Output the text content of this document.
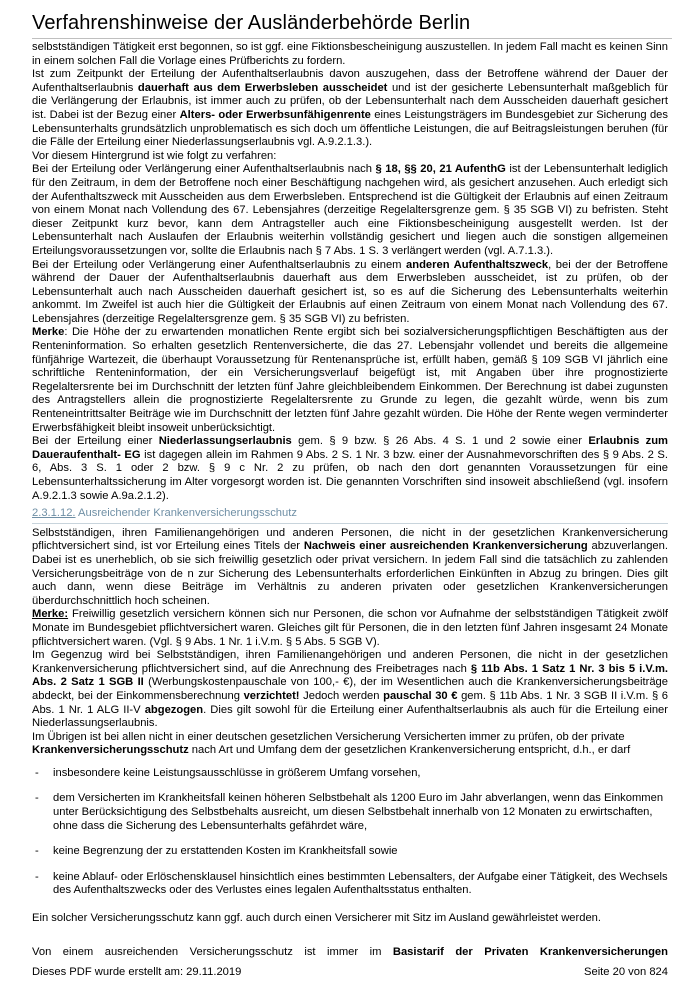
Verfahrenshinweise der Ausländerbehörde Berlin

selbstständigen Tätigkeit erst begonnen, so ist ggf. eine Fiktionsbescheinigung auszustellen. In jedem Fall macht es keinen Sinn in einem solchen Fall die Vorlage eines Prüfberichts zu fordern.

Ist zum Zeitpunkt der Erteilung der Aufenthaltserlaubnis davon auszugehen, dass der Betroffene während der Dauer der Aufenthaltserlaubnis dauerhaft aus dem Erwerbsleben ausscheidet und ist der gesicherte Lebensunterhalt maßgeblich für die Verlängerung der Erlaubnis, ist immer auch zu prüfen, ob der Lebensunterhalt nach dem Ausscheiden dauerhaft gesichert ist. Dabei ist der Bezug einer Alters- oder Erwerbsunfähigenrente eines Leistungsträgers im Bundesgebiet zur Sicherung des Lebensunterhalts grundsätzlich unproblematisch es sich doch um öffentliche Leistungen, die auf Beitragsleistungen beruhen (für die Fälle der Erteilung einer Niederlassungserlaubnis vgl. A.9.2.1.3.).

Vor diesem Hintergrund ist wie folgt zu verfahren:

Bei der Erteilung oder Verlängerung einer Aufenthaltserlaubnis nach § 18, §§ 20, 21 AufenthG ist der Lebensunterhalt lediglich für den Zeitraum, in dem der Betroffene noch einer Beschäftigung nachgehen wird, als gesichert anzusehen. Auch erledigt sich der Aufenthaltszweck mit Ausscheiden aus dem Erwerbsleben. Entsprechend ist die Gültigkeit der Erlaubnis auf einen Zeitraum von einem Monat nach Vollendung des 67. Lebensjahres (derzeitige Regelaltersgrenze gem. § 35 SGB VI) zu befristen. Steht dieser Zeitpunkt kurz bevor, kann dem Antragsteller auch eine Fiktionsbescheinigung ausgestellt werden. Ist der Lebensunterhalt nach Auslaufen der Erlaubnis weiterhin vollständig gesichert und liegen auch die sonstigen allgemeinen Erteilungsvoraussetzungen vor, sollte die Erlaubnis nach § 7 Abs. 1 S. 3 verlängert werden (vgl. A.7.1.3.).

Bei der Erteilung oder Verlängerung einer Aufenthaltserlaubnis zu einem anderen Aufenthaltszweck, bei der der Betroffene während der Dauer der Aufenthaltserlaubnis dauerhaft aus dem Erwerbsleben ausscheidet, ist zu prüfen, ob der Lebensunterhalt auch nach Ausscheiden dauerhaft gesichert ist, so es auf die Sicherung des Lebensunterhalts weiterhin ankommt. Im Zweifel ist auch hier die Gültigkeit der Erlaubnis auf einen Zeitraum von einem Monat nach Vollendung des 67. Lebensjahres (derzeitige Regelaltersgrenze gem. § 35 SGB VI) zu befristen.

Merke: Die Höhe der zu erwartenden monatlichen Rente ergibt sich bei sozialversicherungspflichtigen Beschäftigten aus der Renteninformation. So erhalten gesetzlich Rentenversicherte, die das 27. Lebensjahr vollendet und bereits die allgemeine fünfjährige Wartezeit, die überhaupt Voraussetzung für Rentenansprüche ist, erfüllt haben, gemäß § 109 SGB VI jährlich eine schriftliche Renteninformation, der ein Versicherungsverlauf beigefügt ist, mit Angaben über ihre prognostizierte Regelaltersrente bei im Durchschnitt der letzten fünf Jahre gleichbleibendem Einkommen. Der Berechnung ist dabei zugunsten des Antragstellers allein die prognostizierte Regelaltersrente zu Grunde zu legen, die gezahlt würde, wenn bis zum Renteneintrittsalter Beiträge wie im Durchschnitt der letzten fünf Jahre gezahlt würden. Die Höhe der Rente wegen verminderter Erwerbsfähigkeit bleibt insoweit unberücksichtigt.

Bei der Erteilung einer Niederlassungserlaubnis gem. § 9 bzw. § 26 Abs. 4 S. 1 und 2 sowie einer Erlaubnis zum Daueraufenthalt- EG ist dagegen allein im Rahmen 9 Abs. 2 S. 1 Nr. 3 bzw. einer der Ausnahmevorschriften des § 9 Abs. 2 S. 6, Abs. 3 S. 1 oder 2 bzw. § 9 c Nr. 2 zu prüfen, ob nach den dort genannten Voraussetzungen für eine Lebensunterhaltssicherung im Alter vorgesorgt worden ist. Die genannten Vorschriften sind insoweit abschließend (vgl. insofern A.9.2.1.3 sowie A.9a.2.1.2).

2.3.1.12. Ausreichender Krankenversicherungsschutz

Selbstständigen, ihren Familienangehörigen und anderen Personen, die nicht in der gesetzlichen Krankenversicherung pflichtversichert sind, ist vor Erteilung eines Titels der Nachweis einer ausreichenden Krankenversicherung abzuverlangen. Dabei ist es unerheblich, ob sie sich freiwillig gesetzlich oder privat versichern. In jedem Fall sind die tatsächlich zu zahlenden Versicherungsbeiträge von de n zur Sicherung des Lebensunterhalts erforderlichen Einkünften in Abzug zu bringen. Dies gilt auch dann, wenn diese Beiträge im Verhältnis zu anderen privaten oder gesetzlichen Krankenversicherungen überdurchschnittlich hoch scheinen.

Merke: Freiwillig gesetzlich versichern können sich nur Personen, die schon vor Aufnahme der selbstständigen Tätigkeit zwölf Monate im Bundesgebiet pflichtversichert waren. Gleiches gilt für Personen, die in den letzten fünf Jahren insgesamt 24 Monate pflichtversichert waren. (Vgl. § 9 Abs. 1 Nr. 1 i.V.m. § 5 Abs. 5 SGB V).

Im Gegenzug wird bei Selbstständigen, ihren Familienangehörigen und anderen Personen, die nicht in der gesetzlichen Krankenversicherung pflichtversichert sind, auf die Anrechnung des Freibetrages nach § 11b Abs. 1 Satz 1 Nr. 3 bis 5 i.V.m. Abs. 2 Satz 1 SGB II (Werbungskostenpauschale von 100,- €), der im Wesentlichen auch die Krankenversicherungsbeiträge abdeckt, bei der Einkommensberechnung verzichtet! Jedoch werden pauschal 30 € gem. § 11b Abs. 1 Nr. 3 SGB II i.V.m. § 6 Abs. 1 Nr. 1 ALG II-V abgezogen. Dies gilt sowohl für die Erteilung einer Aufenthaltserlaubnis als auch für die Erteilung einer Niederlassungserlaubnis.

Im Übrigen ist bei allen nicht in einer deutschen gesetzlichen Versicherung Versicherten immer zu prüfen, ob der private Krankenversicherungsschutz nach Art und Umfang dem der gesetzlichen Krankenversicherung entspricht, d.h., er darf

- insbesondere keine Leistungsausschlüsse in größerem Umfang vorsehen,
- dem Versicherten im Krankheitsfall keinen höheren Selbstbehalt als 1200 Euro im Jahr abverlangen, wenn das Einkommen unter Berücksichtigung des Selbstbehalts ausreicht, um diesen Selbstbehalt innerhalb von 12 Monaten zu erwirtschaften, ohne dass die Sicherung des Lebensunterhalts gefährdet wäre,
- keine Begrenzung der zu erstattenden Kosten im Krankheitsfall sowie
- keine Ablauf- oder Erlöschensklausel hinsichtlich eines bestimmten Lebensalters, der Aufgabe einer Tätigkeit, des Wechsels des Aufenthaltszwecks oder des Verlustes eines legalen Aufenthaltsstatus enthalten.

Ein solcher Versicherungsschutz kann ggf. auch durch einen Versicherer mit Sitz im Ausland gewährleistet werden.

Von einem ausreichenden Versicherungsschutz ist immer im Basistarif der Privaten Krankenversicherungen

Dieses PDF wurde erstellt am: 29.11.2019	Seite 20 von 824
